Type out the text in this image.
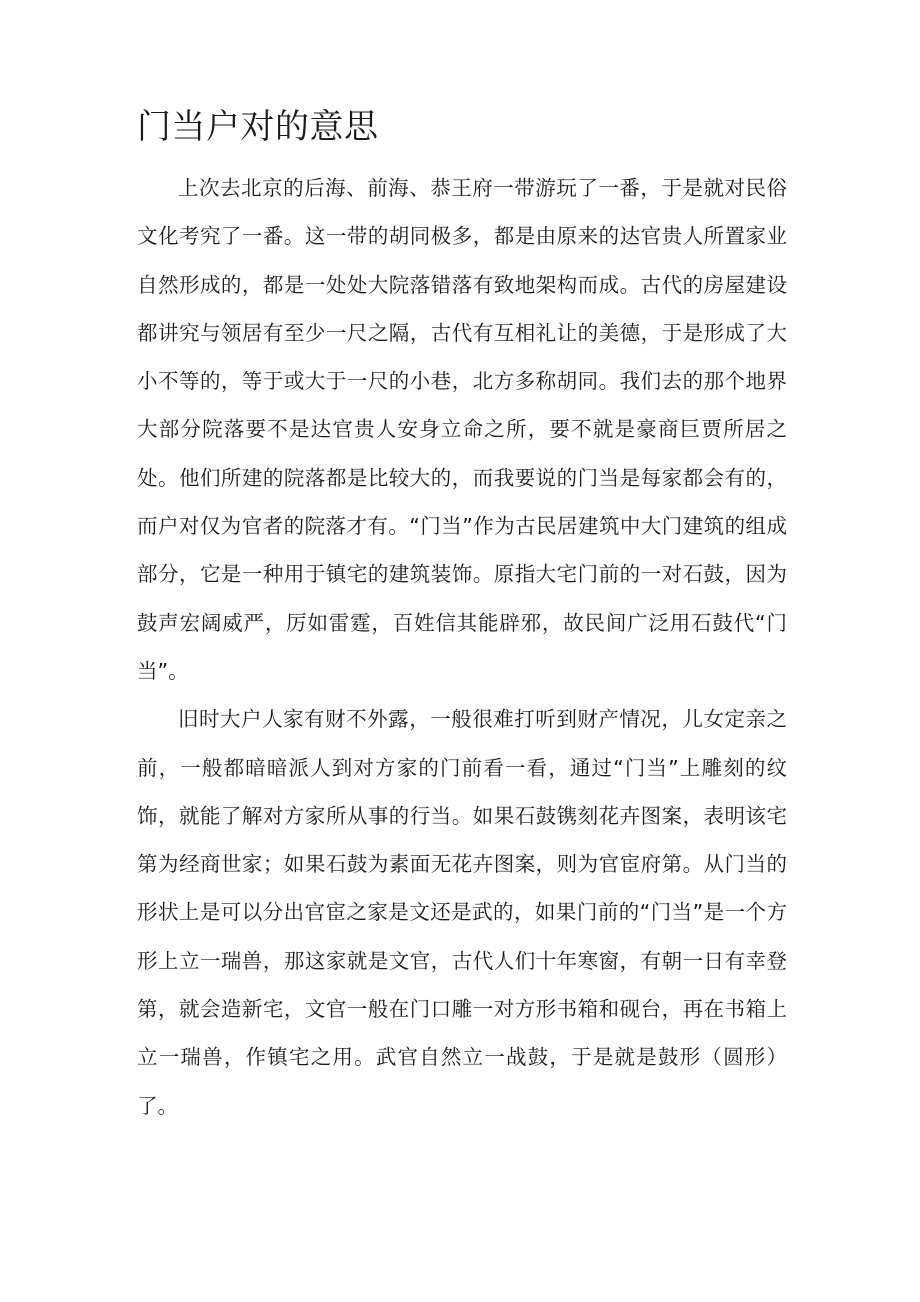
门当户对的意思

上次去北京的后海、前海、恭王府一带游玩了一番，于是就对民俗文化考究了一番。这一带的胡同极多，都是由原来的达官贵人所置家业自然形成的，都是一处处大院落错落有致地架构而成。古代的房屋建设都讲究与领居有至少一尺之隔，古代有互相礼让的美德，于是形成了大小不等的，等于或大于一尺的小巷，北方多称胡同。我们去的那个地界大部分院落要不是达官贵人安身立命之所，要不就是豪商巨贾所居之处。他们所建的院落都是比较大的，而我要说的门当是每家都会有的，而户对仅为官者的院落才有。“门当”作为古民居建筑中大门建筑的组成部分，它是一种用于镇宅的建筑装饰。原指大宅门前的一对石鼓，因为鼓声宏阔威严，厉如雷霆，百姓信其能辟邪，故民间广泛用石鼓代“门当”。

旧时大户人家有财不外露，一般很难打听到财产情况，儿女定亲之前，一般都暗暗派人到对方家的门前看一看，通过“门当”上雕刻的纹饰，就能了解对方家所从事的行当。如果石鼓镌刻花卉图案，表明该宅第为经商世家；如果石鼓为素面无花卉图案，则为官宦府第。从门当的形状上是可以分出官宦之家是文还是武的，如果门前的“门当”是一个方形上立一瑞兽，那这家就是文官，古代人们十年寒窗，有朝一日有幸登第，就会造新宅，文官一般在门口雕一对方形书箱和砚台，再在书箱上立一瑞兽，作镇宅之用。武官自然立一战鼓，于是就是鼓形（圆形）了。
